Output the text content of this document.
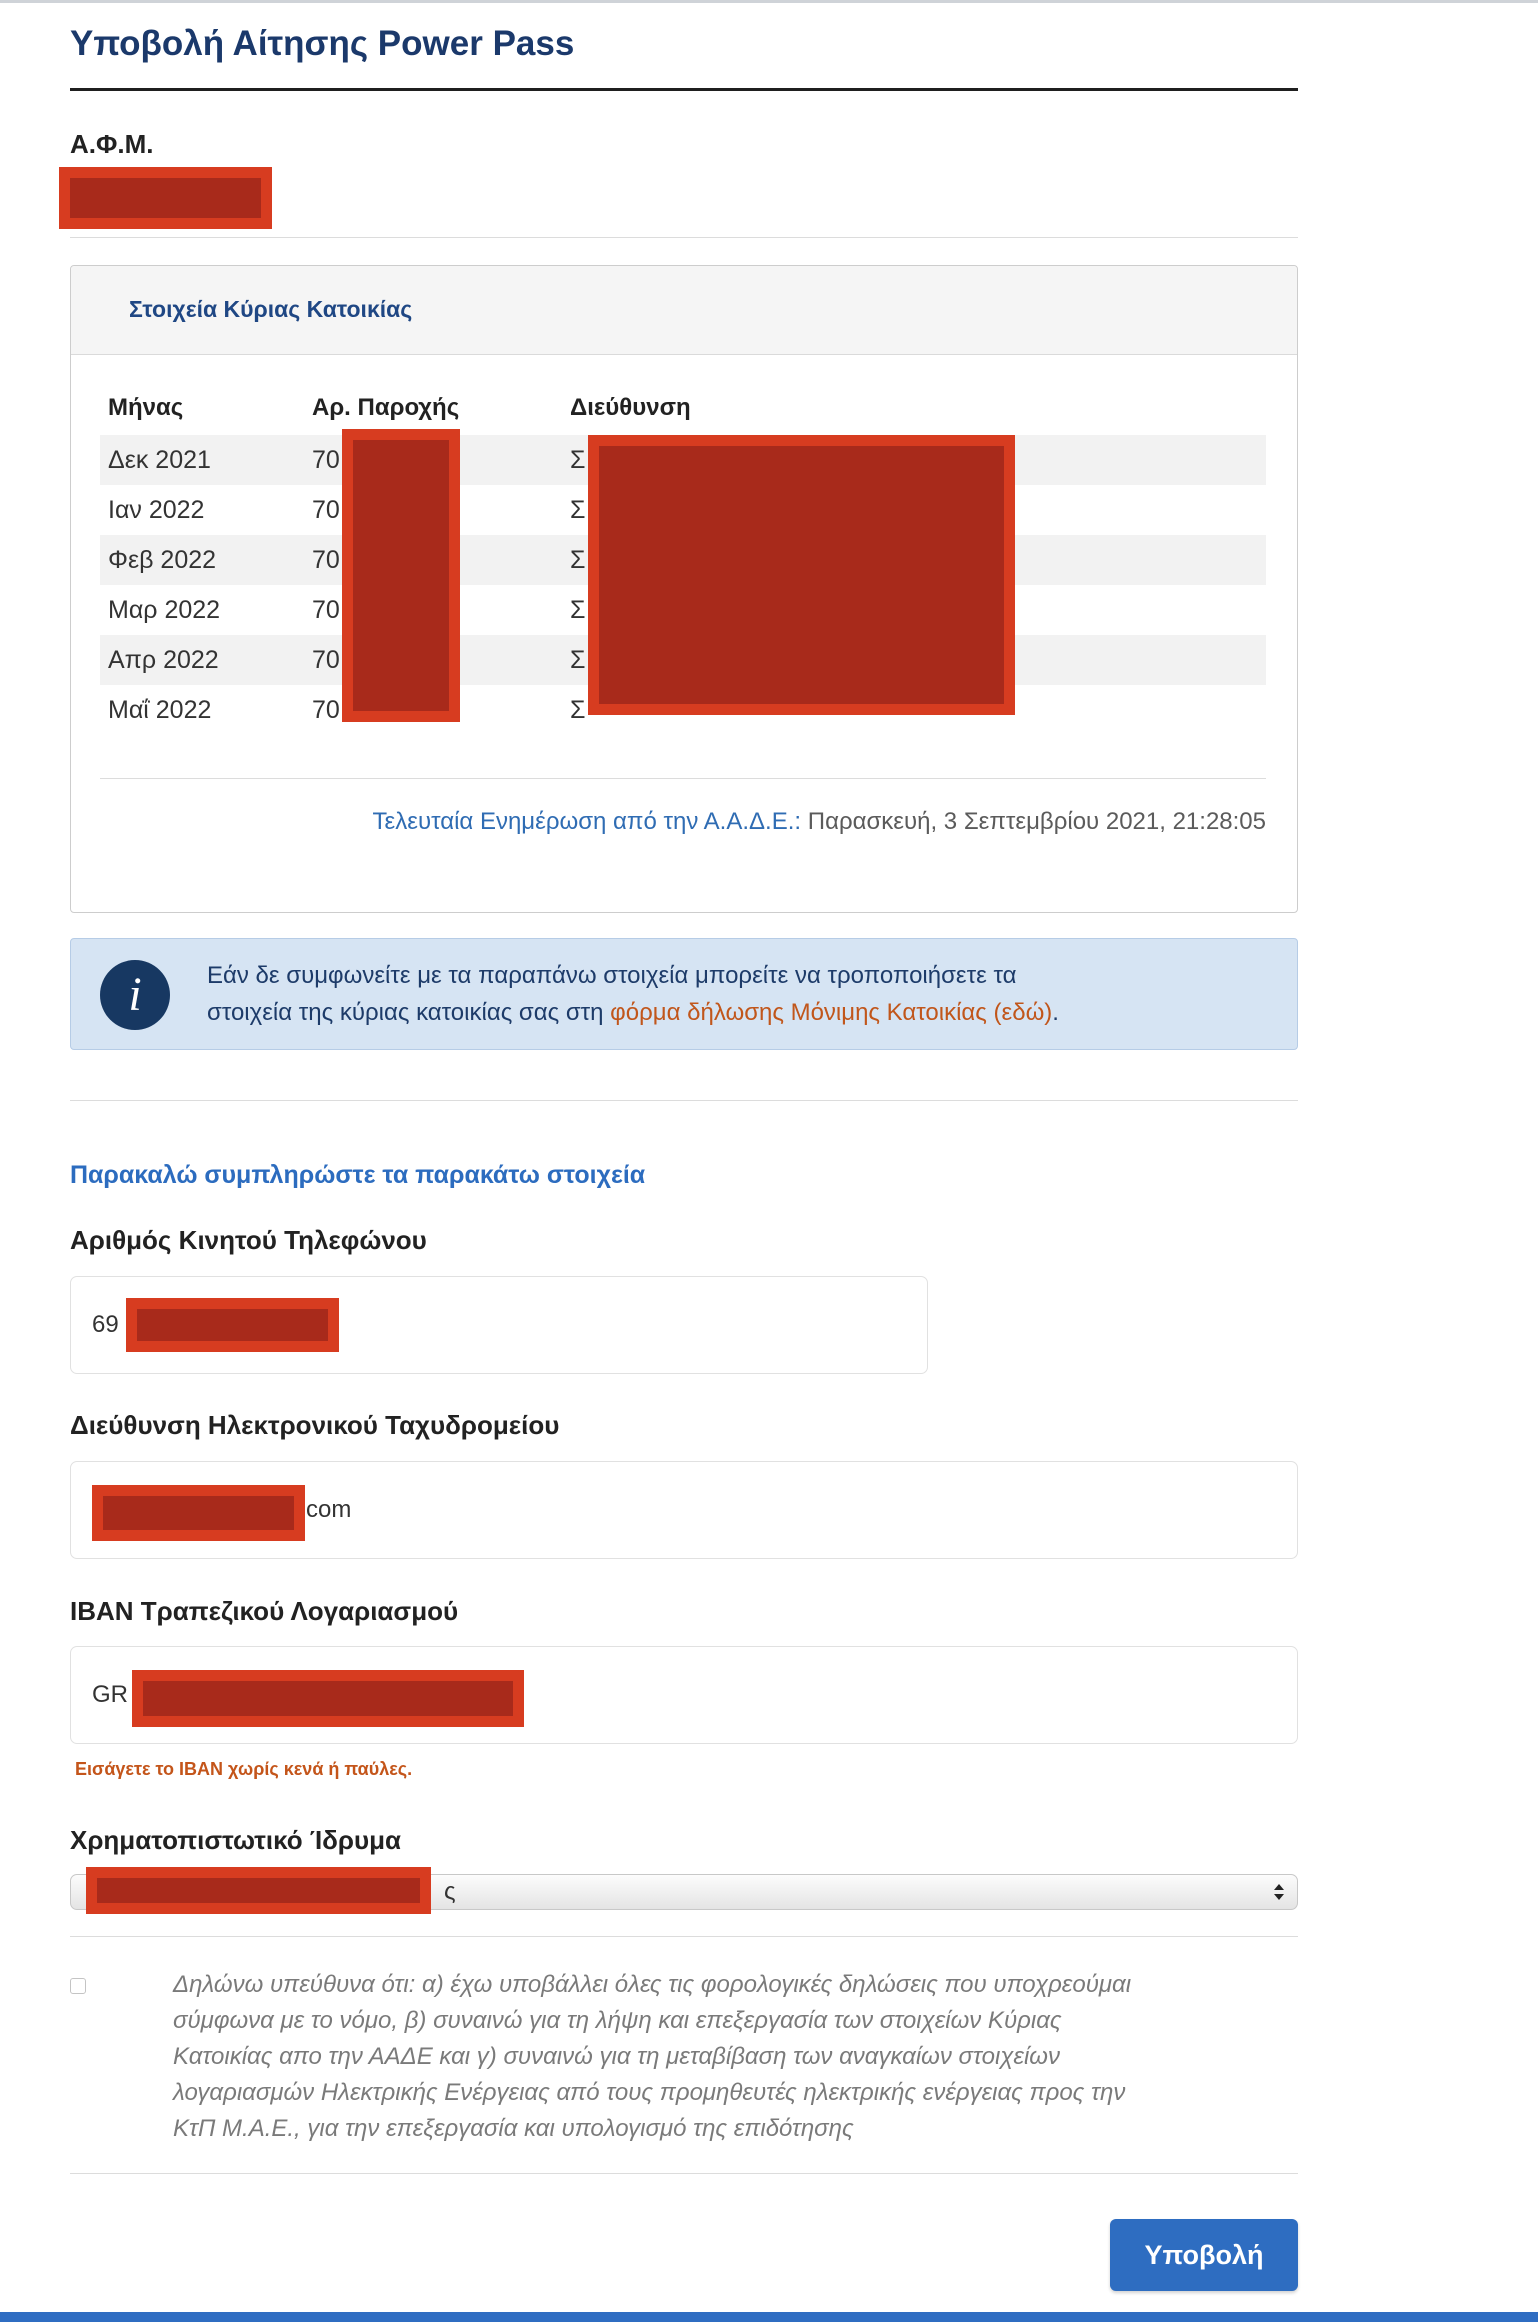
Υποβολή Αίτησης Power Pass
Α.Φ.Μ.
Στοιχεία Κύριας Κατοικίας
Μήνας	Αρ. Παροχής	Διεύθυνση
Δεκ 2021	70	Σ
Ιαν 2022	70	Σ
Φεβ 2022	70	Σ
Μαρ 2022	70	Σ
Απρ 2022	70	Σ
Μαΐ 2022	70	Σ
Τελευταία Ενημέρωση από την Α.Α.Δ.Ε.: Παρασκευή, 3 Σεπτεμβρίου 2021, 21:28:05
i	Εάν δε συμφωνείτε με τα παραπάνω στοιχεία μπορείτε να τροποποιήσετε τα
στοιχεία της κύριας κατοικίας σας στη φόρμα δήλωσης Μόνιμης Κατοικίας (εδώ).
Παρακαλώ συμπληρώστε τα παρακάτω στοιχεία
Αριθμός Κινητού Τηλεφώνου
69
Διεύθυνση Ηλεκτρονικού Ταχυδρομείου
com
IBAN Τραπεζικού Λογαριασμού
GR
Εισάγετε το IBAN χωρίς κενά ή παύλες.
Χρηματοπιστωτικό Ίδρυμα
ς
Δηλώνω υπεύθυνα ότι: α) έχω υποβάλλει όλες τις φορολογικές δηλώσεις που υποχρεούμαι
σύμφωνα με το νόμο, β) συναινώ για τη λήψη και επεξεργασία των στοιχείων Κύριας
Κατοικίας απο την ΑΑΔΕ και γ) συναινώ για τη μεταβίβαση των αναγκαίων στοιχείων
λογαριασμών Ηλεκτρικής Ενέργειας από τους προμηθευτές ηλεκτρικής ενέργειας προς την
ΚτΠ Μ.Α.Ε., για την επεξεργασία και υπολογισμό της επιδότησης
Υποβολή
